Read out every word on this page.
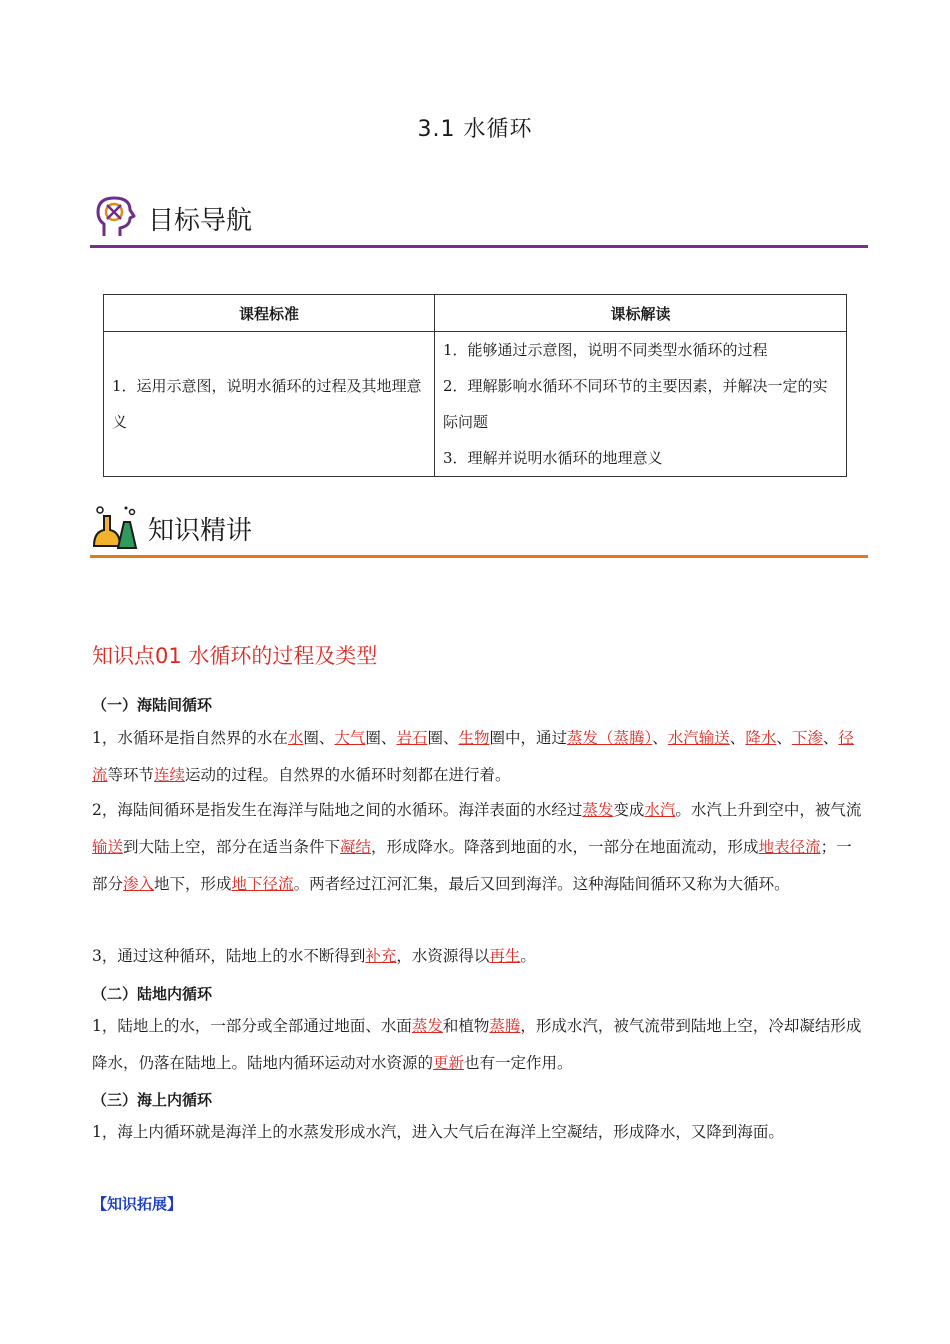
3.1 水循环
目标导航
课程标准	课标解读
1．运用示意图，说明水循环的过程及其地理意义	1．能够通过示意图，说明不同类型水循环的过程
2．理解影响水循环不同环节的主要因素，并解决一定的实际问题
3．理解并说明水循环的地理意义
知识精讲
知识点01 水循环的过程及类型
（一）海陆间循环
1，水循环是指自然界的水在水圈、大气圈、岩石圈、生物圈中，通过蒸发（蒸腾）、水汽输送、降水、下渗、径流等环节连续运动的过程。自然界的水循环时刻都在进行着。
2，海陆间循环是指发生在海洋与陆地之间的水循环。海洋表面的水经过蒸发变成水汽。水汽上升到空中，被气流输送到大陆上空，部分在适当条件下凝结，形成降水。降落到地面的水，一部分在地面流动，形成地表径流；一部分渗入地下，形成地下径流。两者经过江河汇集，最后又回到海洋。这种海陆间循环又称为大循环。
3，通过这种循环，陆地上的水不断得到补充，水资源得以再生。
（二）陆地内循环
1，陆地上的水，一部分或全部通过地面、水面蒸发和植物蒸腾，形成水汽，被气流带到陆地上空，冷却凝结形成降水，仍落在陆地上。陆地内循环运动对水资源的更新也有一定作用。
（三）海上内循环
1，海上内循环就是海洋上的水蒸发形成水汽，进入大气后在海洋上空凝结，形成降水，又降到海面。
【知识拓展】
